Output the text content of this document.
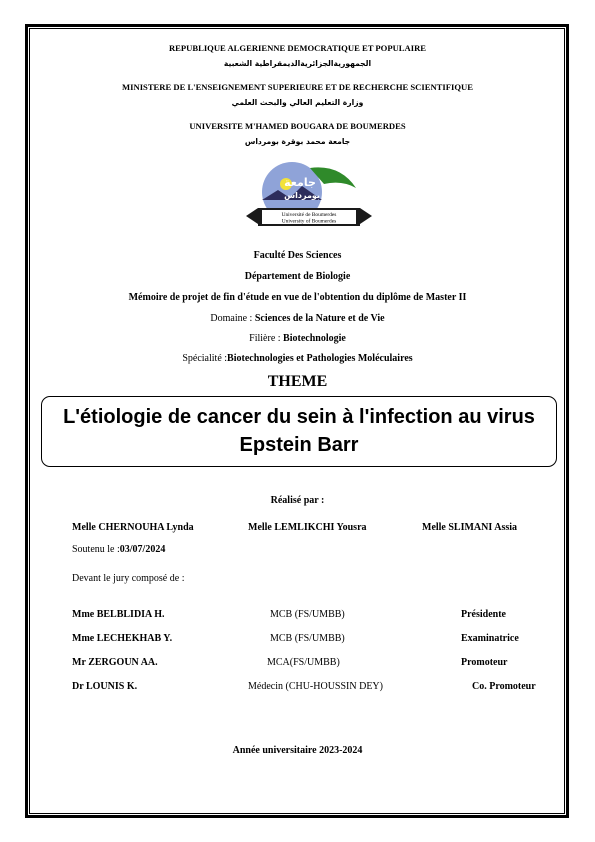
REPUBLIQUE ALGERIENNE DEMOCRATIQUE ET POPULAIRE
الجمهوريةالجزائريةالديمقراطية الشعبية
MINISTERE DE L'ENSEIGNEMENT SUPERIEURE ET DE RECHERCHE SCIENTIFIQUE
وزارة التعليم العالي والبحث العلمي
UNIVERSITE M'HAMED BOUGARA DE BOUMERDES
جامعة محمد بوقرة بومرداس
جامعة
بومرداس
Université de Boumerdes
University of Boumerdes
Faculté Des Sciences
Département de Biologie
Mémoire de projet de fin d'étude en vue de l'obtention du diplôme de Master II
Domaine : Sciences de la Nature et de Vie
Filière : Biotechnologie
Spécialité :Biotechnologies et Pathologies Moléculaires
THEME
L'étiologie de cancer du sein à l'infection au virus
Epstein Barr
Réalisé par :
Melle CHERNOUHA Lynda	Melle LEMLIKCHI Yousra	Melle SLIMANI Assia
Soutenu le :03/07/2024
Devant le jury composé de :
Mme BELBLIDIA H.	MCB (FS/UMBB)	Présidente
Mme LECHEKHAB Y.	MCB (FS/UMBB)	Examinatrice
Mr ZERGOUN AA.	MCA(FS/UMBB)	Promoteur
Dr LOUNIS K.	Médecin (CHU-HOUSSIN DEY)	Co. Promoteur
Année universitaire 2023-2024
